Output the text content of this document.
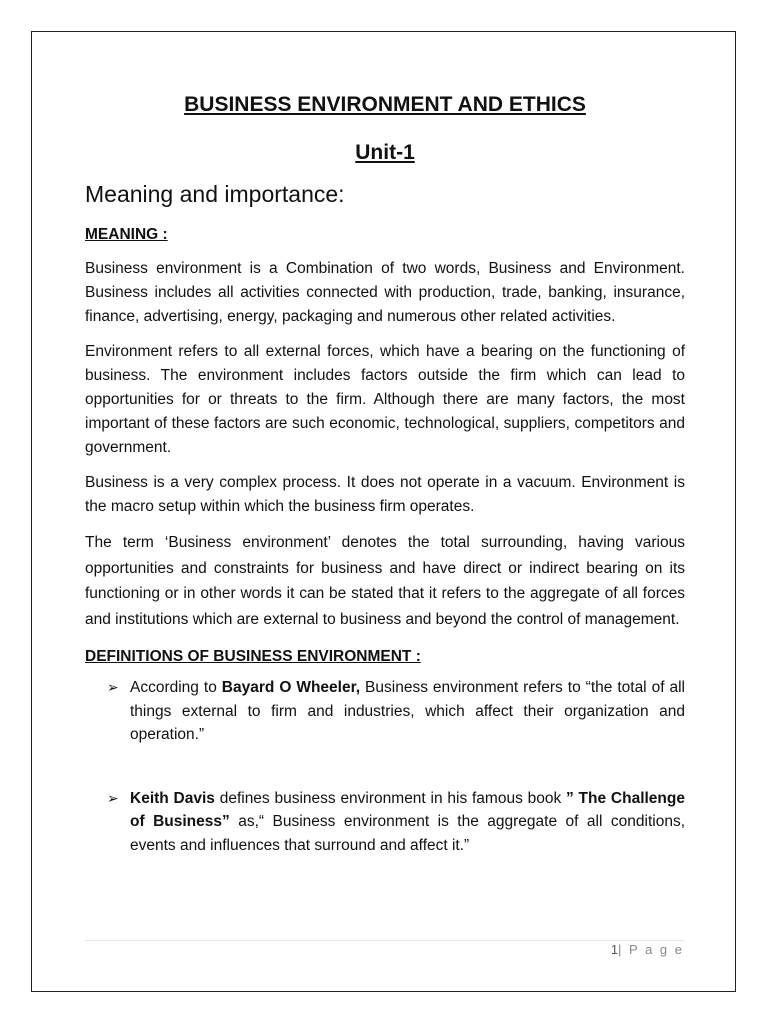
BUSINESS ENVIRONMENT AND ETHICS
Unit-1
Meaning and importance:
MEANING :

Business environment is a Combination of two words, Business and Environment. Business includes all activities connected with production, trade, banking, insurance, finance, advertising, energy, packaging and numerous other related activities.

Environment refers to all external forces, which have a bearing on the functioning of business. The environment includes factors outside the firm which can lead to opportunities for or threats to the firm. Although there are many factors, the most important of these factors are such economic, technological, suppliers, competitors and government.

Business is a very complex process. It does not operate in a vacuum. Environment is the macro setup within which the business firm operates.

The term ‘Business environment’ denotes the total surrounding, having various opportunities and constraints for business and have direct or indirect bearing on its functioning or in other words it can be stated that it refers to the aggregate of all forces and institutions which are external to business and beyond the control of management.

DEFINITIONS OF BUSINESS ENVIRONMENT :
➢ According to Bayard O Wheeler, Business environment refers to “the total of all things external to firm and industries, which affect their organization and operation.”
➢ Keith Davis defines business environment in his famous book ” The Challenge of Business” as,“ Business environment is the aggregate of all conditions, events and influences that surround and affect it.”
1| P a g e
